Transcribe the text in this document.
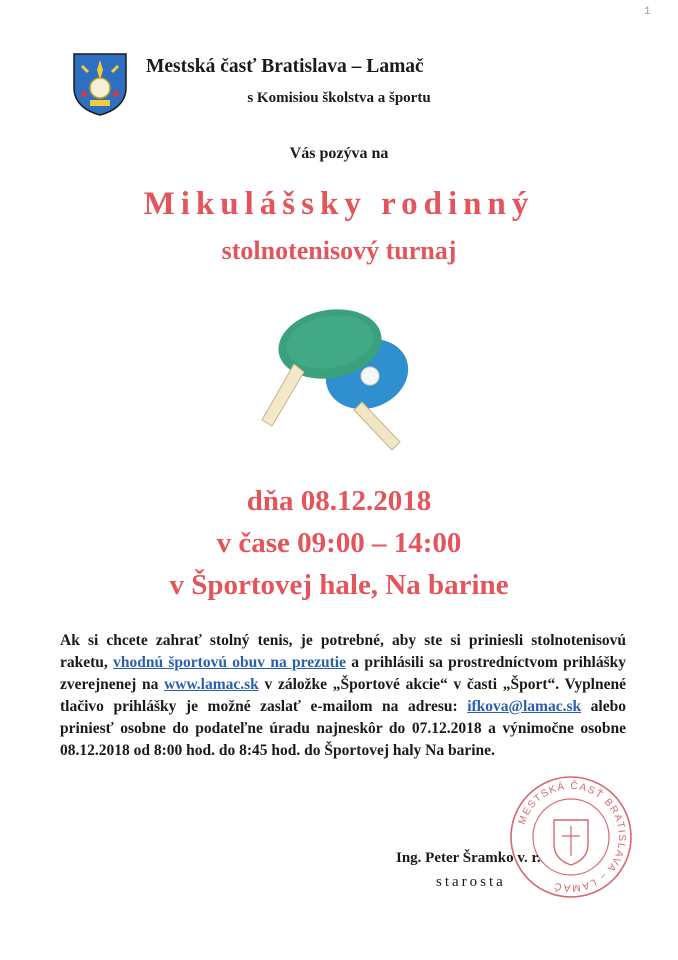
1
Mestská časť Bratislava – Lamač
s Komisiou školstva a športu
Vás pozýva na
Mikulášsky rodinný
stolnotenisový turnaj
dňa 08.12.2018
v čase 09:00 – 14:00
v Športovej hale, Na barine
Ak si chcete zahrať stolný tenis, je potrebné, aby ste si priniesli stolnotenisovú raketu, vhodnú športovú obuv na prezutie a prihlásili sa prostredníctvom prihlášky zverejnenej na www.lamac.sk v záložke „Športové akcie“ v časti „Šport“. Vyplnené tlačivo prihlášky je možné zaslať e-mailom na adresu: ifkova@lamac.sk alebo priniesť osobne do podateľne úradu najneskôr do 07.12.2018 a výnimočne osobne 08.12.2018 od 8:00 hod. do 8:45 hod. do Športovej haly Na barine.
MESTSKÁ ČASŤ BRATISLAVA – LAMAČ
Ing. Peter Šramko v. r.
starosta
